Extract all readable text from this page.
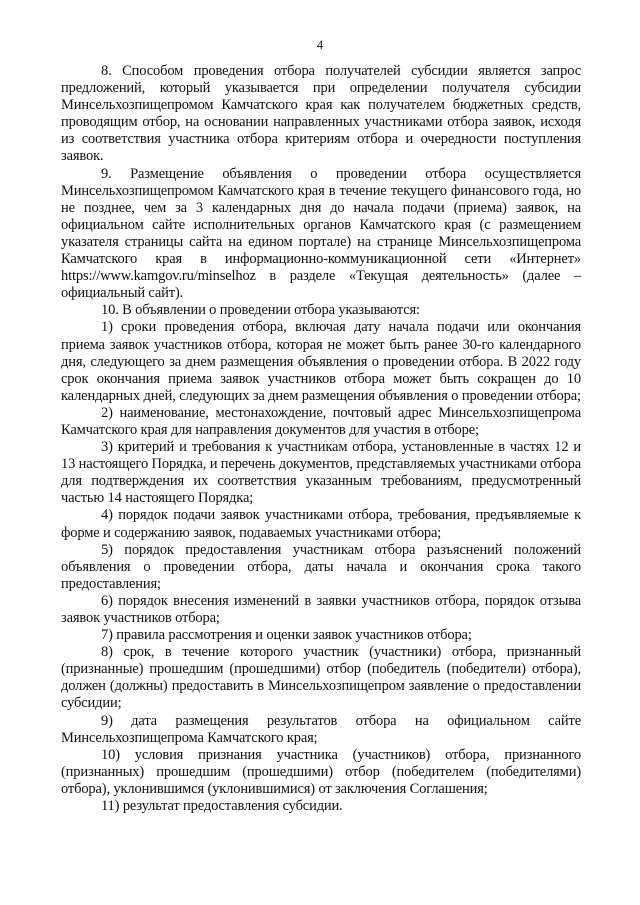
4

8. Способом проведения отбора получателей субсидии является запрос предложений, который указывается при определении получателя субсидии Минсельхозпищепромом Камчатского края как получателем бюджетных средств, проводящим отбор, на основании направленных участниками отбора заявок, исходя из соответствия участника отбора критериям отбора и очередности поступления заявок.

9. Размещение объявления о проведении отбора осуществляется Минсельхозпищепромом Камчатского края в течение текущего финансового года, но не позднее, чем за 3 календарных дня до начала подачи (приема) заявок, на официальном сайте исполнительных органов Камчатского края (с размещением указателя страницы сайта на едином портале) на странице Минсельхозпищепрома Камчатского края в информационно-коммуникационной сети «Интернет» https://www.kamgov.ru/minselhoz в разделе «Текущая деятельность» (далее – официальный сайт).

10. В объявлении о проведении отбора указываются:

1) сроки проведения отбора, включая дату начала подачи или окончания приема заявок участников отбора, которая не может быть ранее 30-го календарного дня, следующего за днем размещения объявления о проведении отбора. В 2022 году срок окончания приема заявок участников отбора может быть сокращен до 10 календарных дней, следующих за днем размещения объявления о проведении отбора;

2) наименование, местонахождение, почтовый адрес Минсельхозпищепрома Камчатского края для направления документов для участия в отборе;

3) критерий и требования к участникам отбора, установленные в частях 12 и 13 настоящего Порядка, и перечень документов, представляемых участниками отбора для подтверждения их соответствия указанным требованиям, предусмотренный частью 14 настоящего Порядка;

4) порядок подачи заявок участниками отбора, требования, предъявляемые к форме и содержанию заявок, подаваемых участниками отбора;

5) порядок предоставления участникам отбора разъяснений положений объявления о проведении отбора, даты начала и окончания срока такого предоставления;

6) порядок внесения изменений в заявки участников отбора, порядок отзыва заявок участников отбора;

7) правила рассмотрения и оценки заявок участников отбора;

8) срок, в течение которого участник (участники) отбора, признанный (признанные) прошедшим (прошедшими) отбор (победитель (победители) отбора), должен (должны) предоставить в Минсельхозпищепром заявление о предоставлении субсидии;

9) дата размещения результатов отбора на официальном сайте Минсельхозпищепрома Камчатского края;

10) условия признания участника (участников) отбора, признанного (признанных) прошедшим (прошедшими) отбор (победителем (победителями) отбора), уклонившимся (уклонившимися) от заключения Соглашения;

11) результат предоставления субсидии.
